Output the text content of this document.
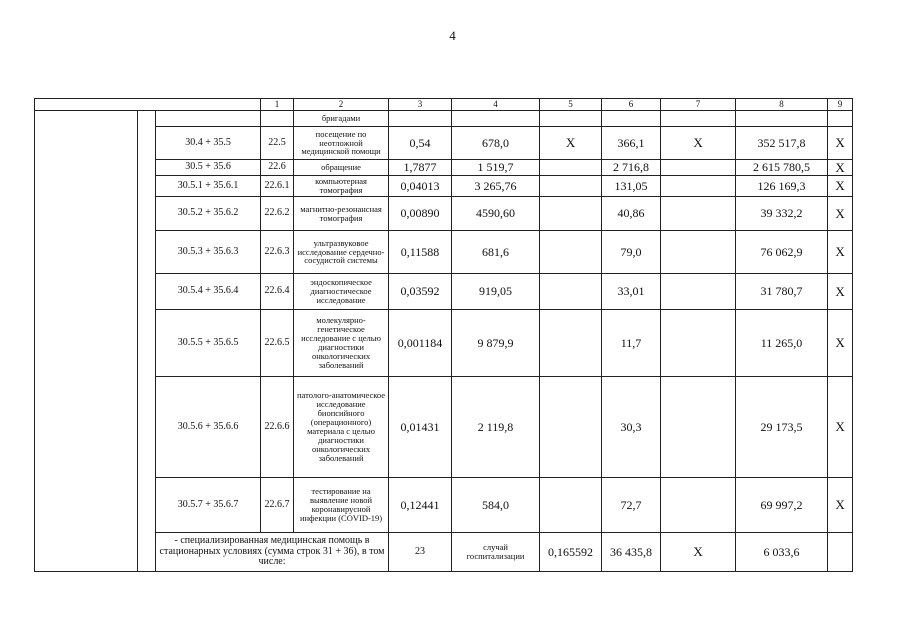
4
			1	2	3	4	5	6	7	8	9	
				бригадами								
		30.4 + 35.5	22.5	посещение по неотложной медицинской помощи	0,54	678,0	X	366,1	X	352 517,8	X	
		30.5 + 35.6	22.6	обращение	1,7877	1 519,7		2 716,8		2 615 780,5	X	
		30.5.1 + 35.6.1	22.6.1	компьютерная томография	0,04013	3 265,76		131,05		126 169,3	X	
		30.5.2 + 35.6.2	22.6.2	магнитно-резонансная томография	0,00890	4590,60		40,86		39 332,2	X	
		30.5.3 + 35.6.3	22.6.3	ультразвуковое исследование сердечно-сосудистой системы	0,11588	681,6		79,0		76 062,9	X	
		30.5.4 + 35.6.4	22.6.4	эндоскопическое диагностическое исследование	0,03592	919,05		33,01		31 780,7	X	
		30.5.5 + 35.6.5	22.6.5	молекулярно-генетическое исследование с целью диагностики онкологических заболеваний	0,001184	9 879,9		11,7		11 265,0	X	
		30.5.6 + 35.6.6	22.6.6	патолого-анатомическое исследование биопсийного (операционного) материала с целью диагностики онкологических заболеваний	0,01431	2 119,8		30,3		29 173,5	X	
		30.5.7 + 35.6.7	22.6.7	тестирование на выявление новой коронавирусной инфекции (COVID-19)	0,12441	584,0		72,7		69 997,2	X	
		- специализированная медицинская помощь в стационарных условиях (сумма строк 31 + 36), в том числе:			23	случай госпитализации	0,165592	36 435,8	X	6 033,6			
